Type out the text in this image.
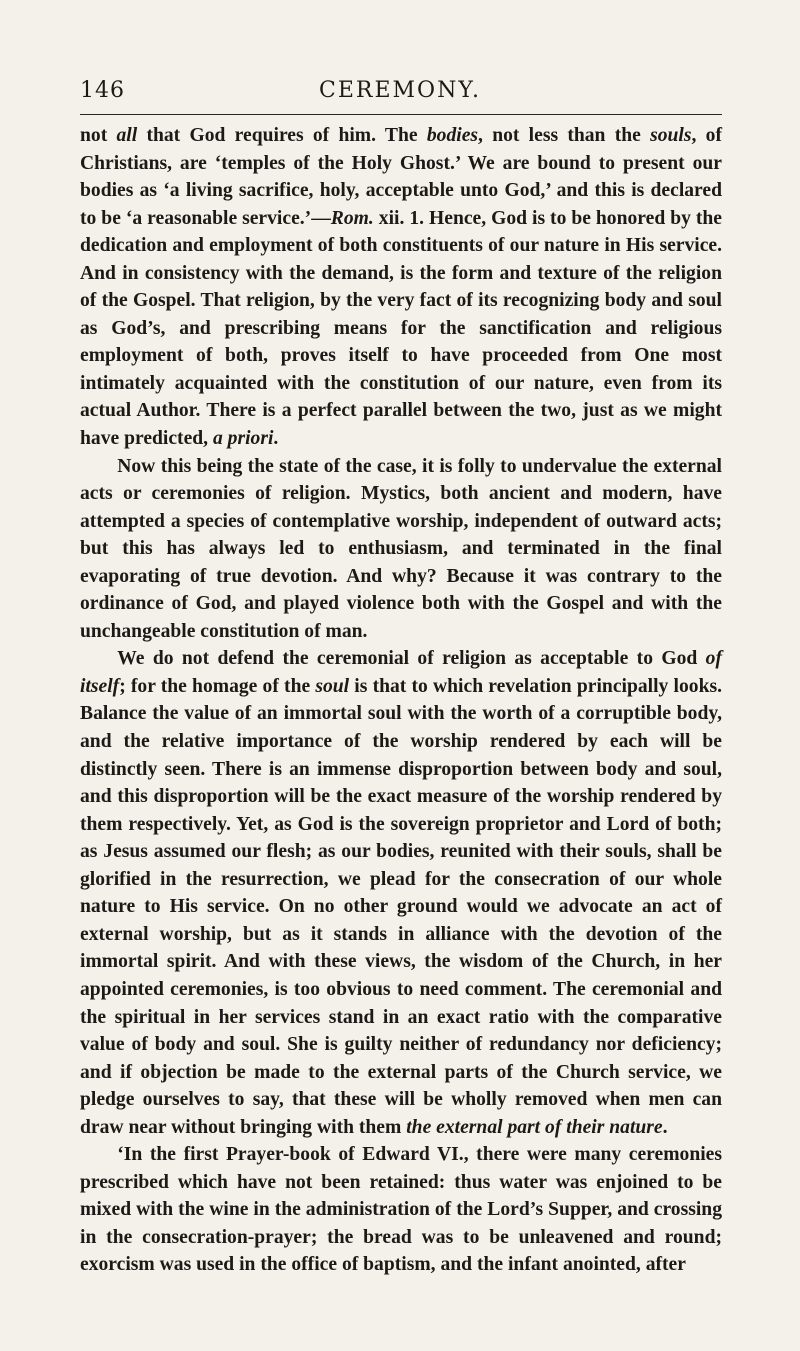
146	CEREMONY.

not all that God requires of him. The bodies, not less than the souls, of Christians, are ‘temples of the Holy Ghost.’ We are bound to present our bodies as ‘a living sacrifice, holy, acceptable unto God,’ and this is declared to be ‘a reasonable service.’—Rom. xii. 1. Hence, God is to be honored by the dedication and employment of both constituents of our nature in His service. And in consistency with the demand, is the form and texture of the religion of the Gospel. That religion, by the very fact of its recognizing body and soul as God’s, and prescribing means for the sanctification and religious employment of both, proves itself to have proceeded from One most intimately acquainted with the constitution of our nature, even from its actual Author. There is a perfect parallel between the two, just as we might have predicted, a priori.

Now this being the state of the case, it is folly to undervalue the external acts or ceremonies of religion. Mystics, both ancient and modern, have attempted a species of contemplative worship, independent of outward acts; but this has always led to enthusiasm, and terminated in the final evaporating of true devotion. And why? Because it was contrary to the ordinance of God, and played violence both with the Gospel and with the unchangeable constitution of man.

We do not defend the ceremonial of religion as acceptable to God of itself; for the homage of the soul is that to which revelation principally looks. Balance the value of an immortal soul with the worth of a corruptible body, and the relative importance of the worship rendered by each will be distinctly seen. There is an immense disproportion between body and soul, and this disproportion will be the exact measure of the worship rendered by them respectively. Yet, as God is the sovereign proprietor and Lord of both; as Jesus assumed our flesh; as our bodies, reunited with their souls, shall be glorified in the resurrection, we plead for the consecration of our whole nature to His service. On no other ground would we advocate an act of external worship, but as it stands in alliance with the devotion of the immortal spirit. And with these views, the wisdom of the Church, in her appointed ceremonies, is too obvious to need comment. The ceremonial and the spiritual in her services stand in an exact ratio with the comparative value of body and soul. She is guilty neither of redundancy nor deficiency; and if objection be made to the external parts of the Church service, we pledge ourselves to say, that these will be wholly removed when men can draw near without bringing with them the external part of their nature.

‘In the first Prayer-book of Edward VI., there were many ceremonies prescribed which have not been retained: thus water was enjoined to be mixed with the wine in the administration of the Lord’s Supper, and crossing in the consecration-prayer; the bread was to be unleavened and round; exorcism was used in the office of baptism, and the infant anointed, after
